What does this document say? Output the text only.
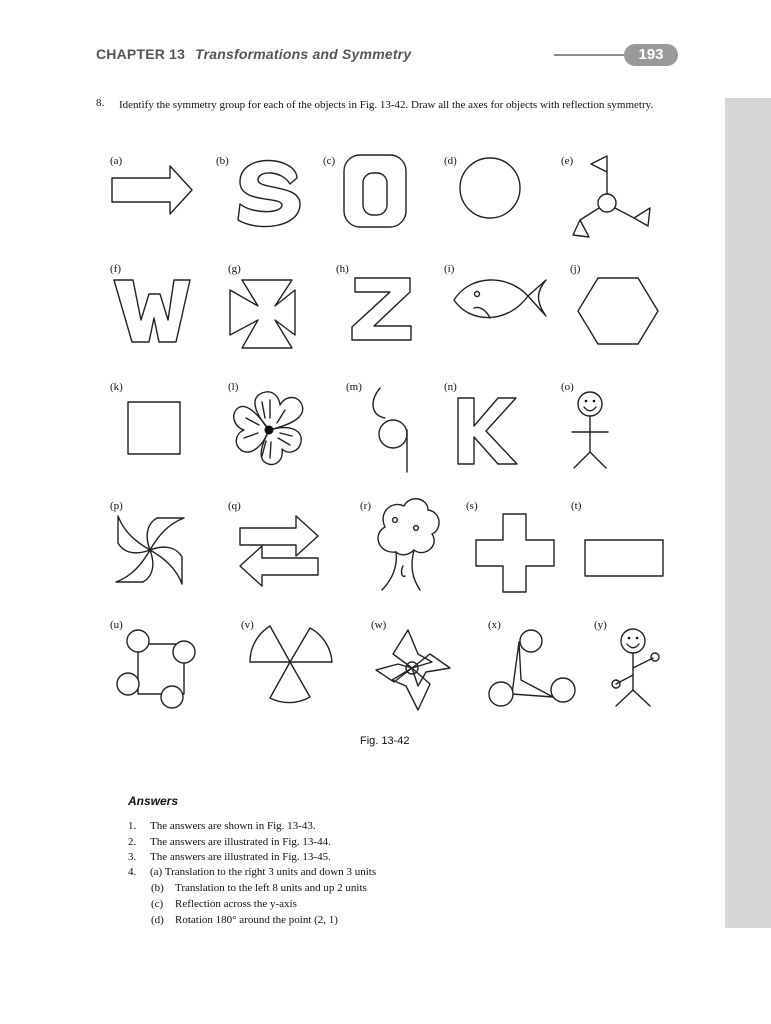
CHAPTER 13 Transformations and Symmetry	193
8. Identify the symmetry group for each of the objects in Fig. 13-42. Draw all the axes for objects with reflection symmetry.
(a)	(b)	(c)	(d)	(e)
(f)	(g)	(h)	(i)	(j)
(k)	(l)	(m)	(n)	(o)
(p)	(q)	(r)	(s)	(t)
(u)	(v)	(w)	(x)	(y)
Fig. 13-42
Answers
1. The answers are shown in Fig. 13-43.
2. The answers are illustrated in Fig. 13-44.
3. The answers are illustrated in Fig. 13-45.
4. (a) Translation to the right 3 units and down 3 units
(b) Translation to the left 8 units and up 2 units
(c) Reflection across the y-axis
(d) Rotation 180° around the point (2, 1)
